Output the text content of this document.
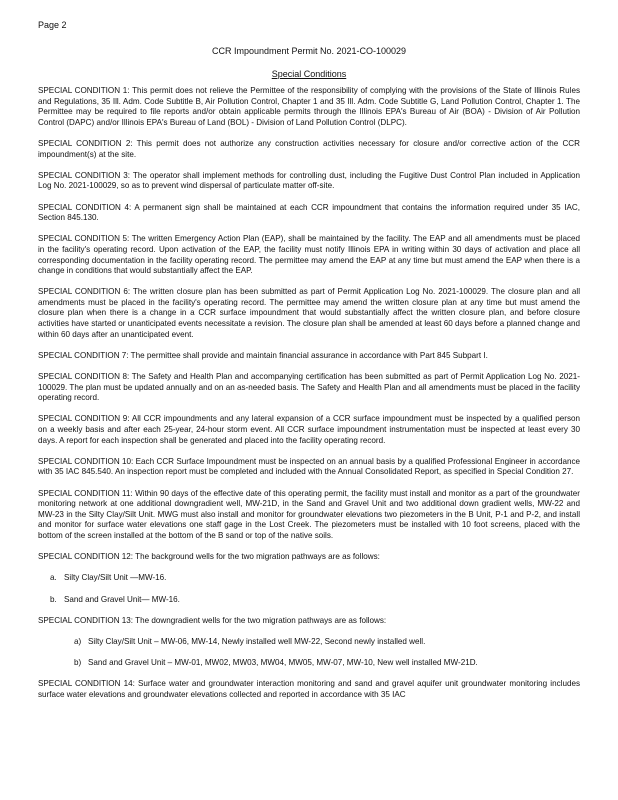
Page 2
CCR Impoundment Permit No. 2021-CO-100029
Special Conditions

SPECIAL CONDITION 1: This permit does not relieve the Permittee of the responsibility of complying with the provisions of the State of Illinois Rules and Regulations, 35 Ill. Adm. Code Subtitle B, Air Pollution Control, Chapter 1 and 35 Ill. Adm. Code Subtitle G, Land Pollution Control, Chapter 1. The Permittee may be required to file reports and/or obtain applicable permits through the Illinois EPA's Bureau of Air (BOA) - Division of Air Pollution Control (DAPC) and/or Illinois EPA's Bureau of Land (BOL) - Division of Land Pollution Control (DLPC).

SPECIAL CONDITION 2: This permit does not authorize any construction activities necessary for closure and/or corrective action of the CCR impoundment(s) at the site.

SPECIAL CONDITION 3: The operator shall implement methods for controlling dust, including the Fugitive Dust Control Plan included in Application Log No. 2021-100029, so as to prevent wind dispersal of particulate matter off-site.

SPECIAL CONDITION 4: A permanent sign shall be maintained at each CCR impoundment that contains the information required under 35 IAC, Section 845.130.

SPECIAL CONDITION 5: The written Emergency Action Plan (EAP), shall be maintained by the facility. The EAP and all amendments must be placed in the facility's operating record. Upon activation of the EAP, the facility must notify Illinois EPA in writing within 30 days of activation and place all corresponding documentation in the facility operating record. The permittee may amend the EAP at any time but must amend the EAP when there is a change in conditions that would substantially affect the EAP.

SPECIAL CONDITION 6: The written closure plan has been submitted as part of Permit Application Log No. 2021-100029. The closure plan and all amendments must be placed in the facility's operating record. The permittee may amend the written closure plan at any time but must amend the closure plan when there is a change in a CCR surface impoundment that would substantially affect the written closure plan, and before closure activities have started or unanticipated events necessitate a revision. The closure plan shall be amended at least 60 days before a planned change and within 60 days after an unanticipated event.

SPECIAL CONDITION 7: The permittee shall provide and maintain financial assurance in accordance with Part 845 Subpart I.

SPECIAL CONDITION 8: The Safety and Health Plan and accompanying certification has been submitted as part of Permit Application Log No. 2021-100029. The plan must be updated annually and on an as-needed basis. The Safety and Health Plan and all amendments must be placed in the facility operating record.

SPECIAL CONDITION 9: All CCR impoundments and any lateral expansion of a CCR surface impoundment must be inspected by a qualified person on a weekly basis and after each 25-year, 24-hour storm event. All CCR surface impoundment instrumentation must be inspected at least every 30 days. A report for each inspection shall be generated and placed into the facility operating record.

SPECIAL CONDITION 10: Each CCR Surface Impoundment must be inspected on an annual basis by a qualified Professional Engineer in accordance with 35 IAC 845.540. An inspection report must be completed and included with the Annual Consolidated Report, as specified in Special Condition 27.

SPECIAL CONDITION 11: Within 90 days of the effective date of this operating permit, the facility must install and monitor as a part of the groundwater monitoring network at one additional downgradient well, MW-21D, in the Sand and Gravel Unit and two additional down gradient wells, MW-22 and MW-23 in the Silty Clay/Silt Unit. MWG must also install and monitor for groundwater elevations two piezometers in the B Unit, P-1 and P-2, and install and monitor for surface water elevations one staff gage in the Lost Creek. The piezometers must be installed with 10 foot screens, placed with the bottom of the screen installed at the bottom of the B sand or top of the native soils.

SPECIAL CONDITION 12: The background wells for the two migration pathways are as follows:

a. Silty Clay/Silt Unit —MW-16.
b. Sand and Gravel Unit— MW-16.

SPECIAL CONDITION 13: The downgradient wells for the two migration pathways are as follows:

a) Silty Clay/Silt Unit – MW-06, MW-14, Newly installed well MW-22, Second newly installed well.
b) Sand and Gravel Unit – MW-01, MW02, MW03, MW04, MW05, MW-07, MW-10, New well installed MW-21D.

SPECIAL CONDITION 14: Surface water and groundwater interaction monitoring and sand and gravel aquifer unit groundwater monitoring includes surface water elevations and groundwater elevations collected and reported in accordance with 35 IAC
